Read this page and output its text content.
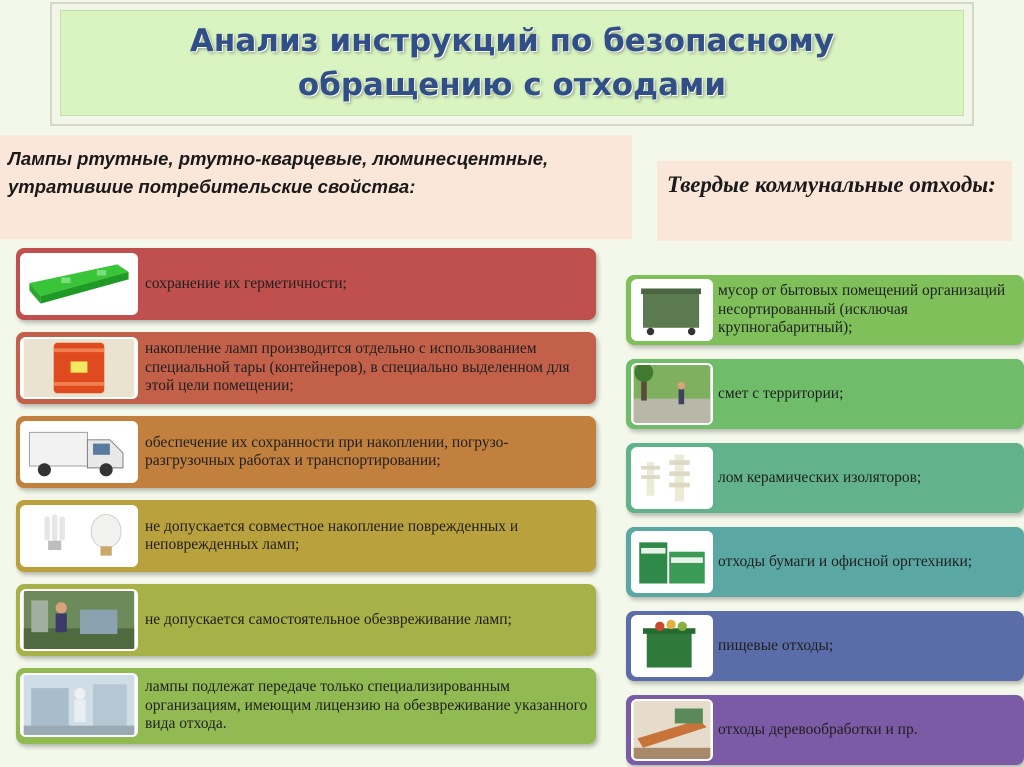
Анализ инструкций по безопасному обращению с отходами
Лампы ртутные, ртутно-кварцевые, люминесцентные, утратившие потребительские свойства:	Твердые коммунальные отходы:
сохранение их герметичности;
накопление ламп производится отдельно с использованием специальной тары (контейнеров), в специально выделенном для этой цели помещении;
обеспечение их сохранности при накоплении, погрузо-разгрузочных работах и транспортировании;
не допускается совместное накопление поврежденных и неповрежденных ламп;
не допускается самостоятельное обезвреживание ламп;
лампы подлежат передаче только специализированным организациям, имеющим лицензию на обезвреживание указанного вида отхода.
мусор от бытовых помещений организаций несортированный (исключая крупногабаритный);
смет с территории;
лом керамических изоляторов;
отходы бумаги и офисной оргтехники;
пищевые отходы;
отходы деревообработки и пр.
